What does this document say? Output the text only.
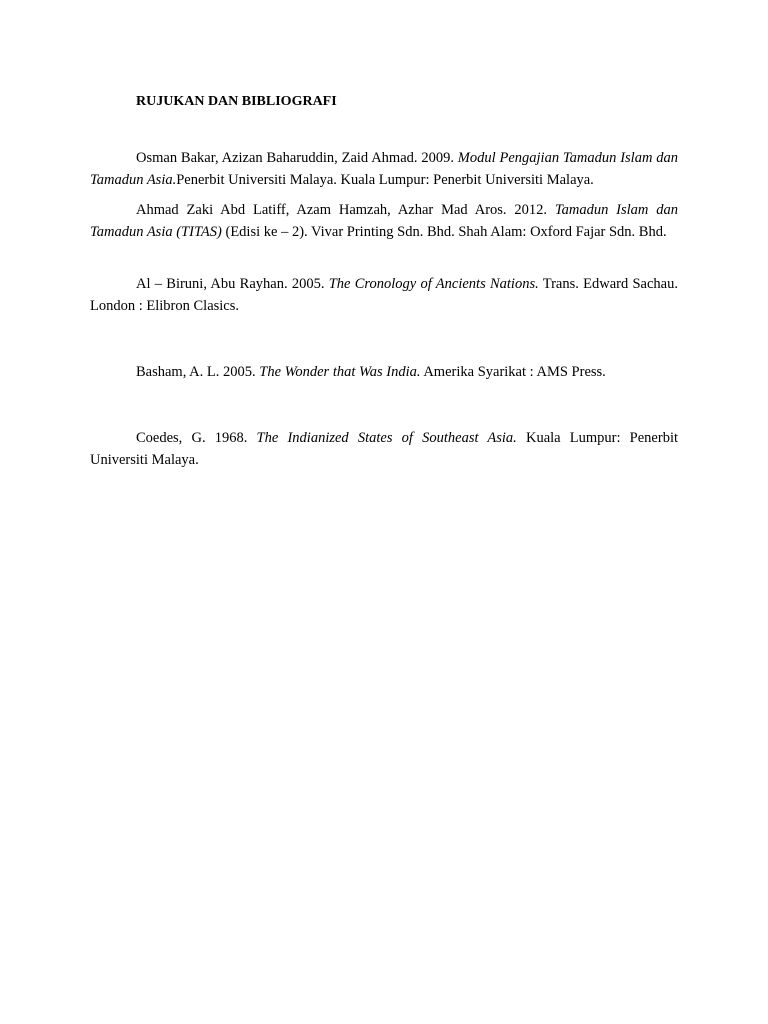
RUJUKAN DAN BIBLIOGRAFI

Osman Bakar, Azizan Baharuddin, Zaid Ahmad. 2009. Modul Pengajian Tamadun Islam dan Tamadun Asia.Penerbit Universiti Malaya. Kuala Lumpur: Penerbit Universiti Malaya.

Ahmad Zaki Abd Latiff, Azam Hamzah, Azhar Mad Aros. 2012. Tamadun Islam dan Tamadun Asia (TITAS) (Edisi ke – 2). Vivar Printing Sdn. Bhd. Shah Alam: Oxford Fajar Sdn. Bhd.

Al – Biruni, Abu Rayhan. 2005. The Cronology of Ancients Nations. Trans. Edward Sachau. London : Elibron Clasics.

Basham, A. L. 2005. The Wonder that Was India. Amerika Syarikat : AMS Press.

Coedes, G. 1968. The Indianized States of Southeast Asia. Kuala Lumpur: Penerbit Universiti Malaya.
